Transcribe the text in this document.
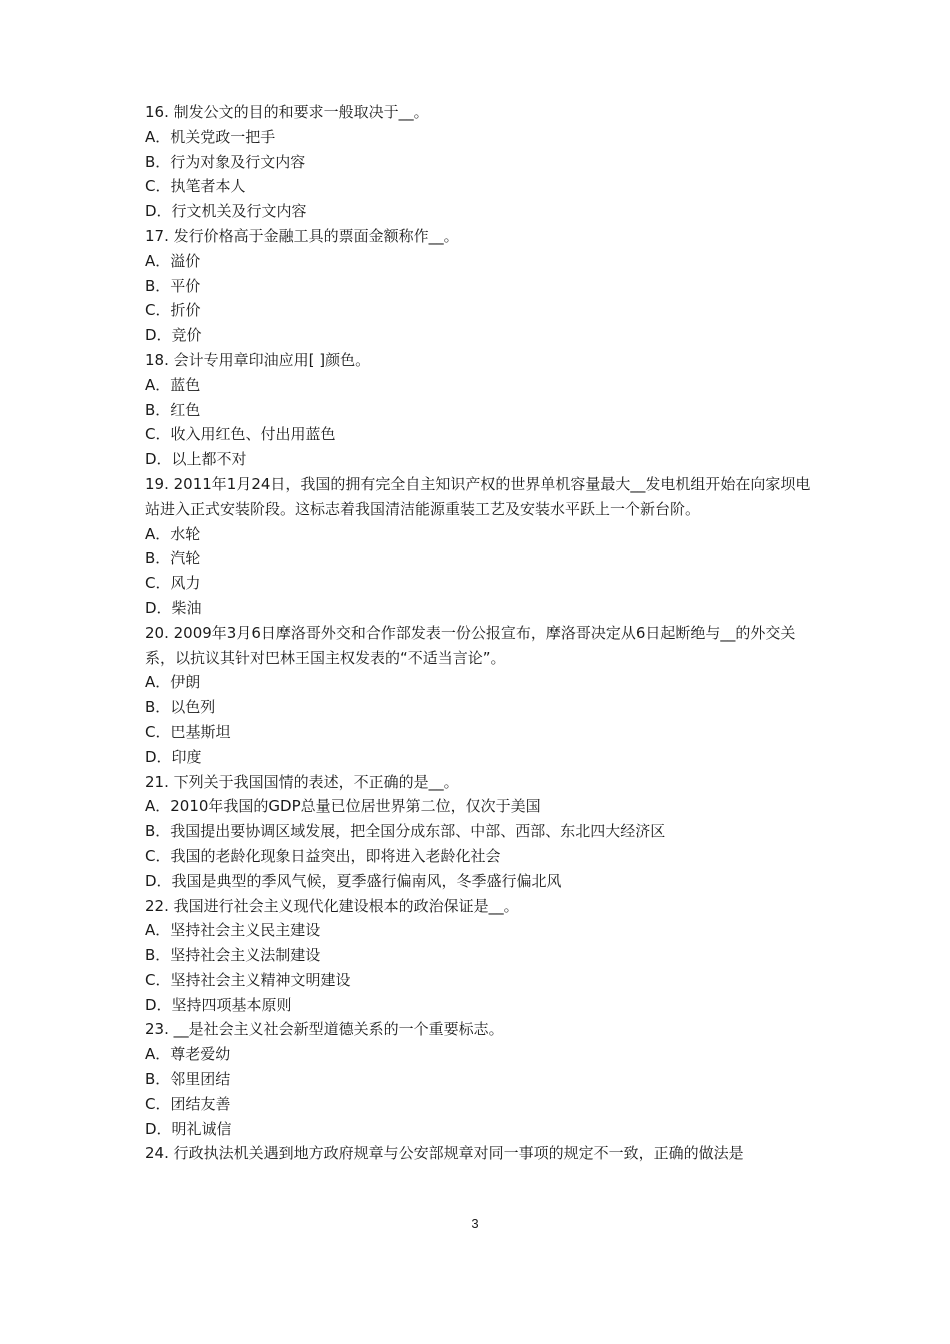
16. 制发公文的目的和要求一般取决于__。
A．机关党政一把手
B．行为对象及行文内容
C．执笔者本人
D．行文机关及行文内容
17. 发行价格高于金融工具的票面金额称作__。
A．溢价
B．平价
C．折价
D．竞价
18. 会计专用章印油应用[ ]颜色。
A．蓝色
B．红色
C．收入用红色、付出用蓝色
D．以上都不对
19. 2011年1月24日，我国的拥有完全自主知识产权的世界单机容量最大__发电机组开始在向家坝电站进入正式安装阶段。这标志着我国清洁能源重装工艺及安装水平跃上一个新台阶。
A．水轮
B．汽轮
C．风力
D．柴油
20. 2009年3月6日摩洛哥外交和合作部发表一份公报宣布，摩洛哥决定从6日起断绝与__的外交关系，以抗议其针对巴林王国主权发表的“不适当言论”。
A．伊朗
B．以色列
C．巴基斯坦
D．印度
21. 下列关于我国国情的表述，不正确的是__。
A．2010年我国的GDP总量已位居世界第二位，仅次于美国
B．我国提出要协调区域发展，把全国分成东部、中部、西部、东北四大经济区
C．我国的老龄化现象日益突出，即将进入老龄化社会
D．我国是典型的季风气候，夏季盛行偏南风，冬季盛行偏北风
22. 我国进行社会主义现代化建设根本的政治保证是__。
A．坚持社会主义民主建设
B．坚持社会主义法制建设
C．坚持社会主义精神文明建设
D．坚持四项基本原则
23. __是社会主义社会新型道德关系的一个重要标志。
A．尊老爱幼
B．邻里团结
C．团结友善
D．明礼诚信
24. 行政执法机关遇到地方政府规章与公安部规章对同一事项的规定不一致，正确的做法是
3
